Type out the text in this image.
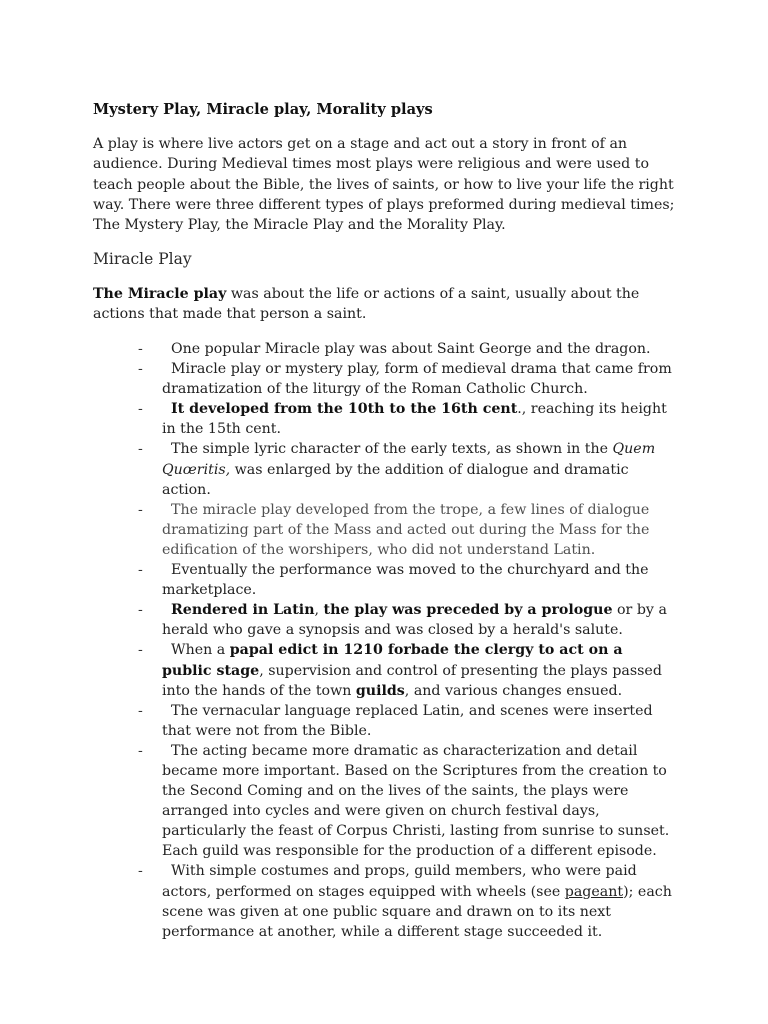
Mystery Play, Miracle play, Morality plays
A play is where live actors get on a stage and act out a story in front of an audience. During Medieval times most plays were religious and were used to teach people about the Bible, the lives of saints, or how to live your life the right way. There were three different types of plays preformed during medieval times; The Mystery Play, the Miracle Play and the Morality Play.
Miracle Play
The Miracle play was about the life or actions of a saint, usually about the actions that made that person a saint.
-	One popular Miracle play was about Saint George and the dragon.
-	Miracle play or mystery play, form of medieval drama that came from dramatization of the liturgy of the Roman Catholic Church.
-	It developed from the 10th to the 16th cent., reaching its height in the 15th cent.
-	The simple lyric character of the early texts, as shown in the Quem Quœritis, was enlarged by the addition of dialogue and dramatic action.
-	The miracle play developed from the trope, a few lines of dialogue dramatizing part of the Mass and acted out during the Mass for the edification of the worshipers, who did not understand Latin.
-	Eventually the performance was moved to the churchyard and the marketplace.
-	Rendered in Latin, the play was preceded by a prologue or by a herald who gave a synopsis and was closed by a herald's salute.
-	When a papal edict in 1210 forbade the clergy to act on a public stage, supervision and control of presenting the plays passed into the hands of the town guilds, and various changes ensued.
-	The vernacular language replaced Latin, and scenes were inserted that were not from the Bible.
-	The acting became more dramatic as characterization and detail became more important. Based on the Scriptures from the creation to the Second Coming and on the lives of the saints, the plays were arranged into cycles and were given on church festival days, particularly the feast of Corpus Christi, lasting from sunrise to sunset. Each guild was responsible for the production of a different episode.
-	With simple costumes and props, guild members, who were paid actors, performed on stages equipped with wheels (see pageant); each scene was given at one public square and drawn on to its next performance at another, while a different stage succeeded it.
